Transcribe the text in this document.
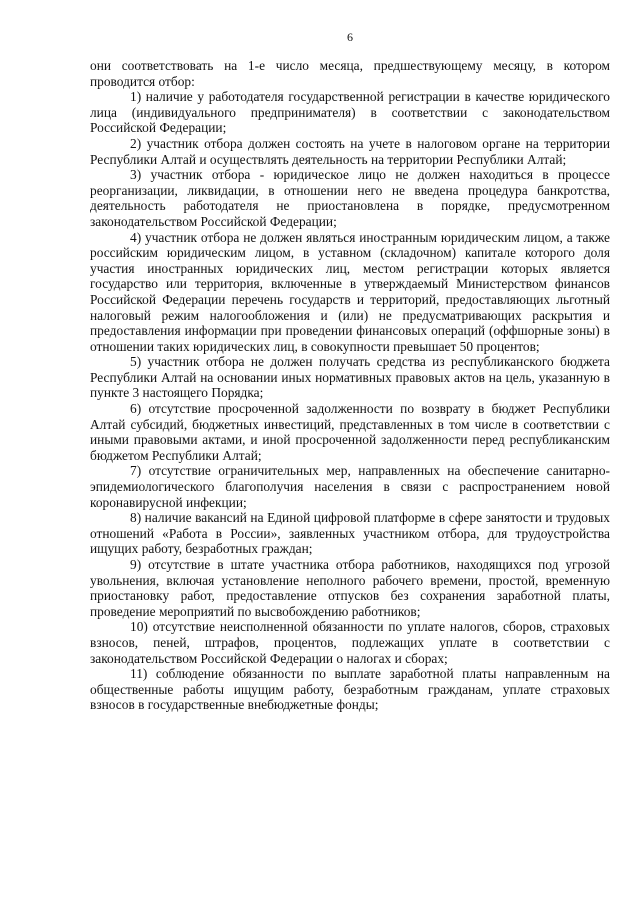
6

они соответствовать на 1-е число месяца, предшествующему месяцу, в котором проводится отбор:

1) наличие у работодателя государственной регистрации в качестве юридического лица (индивидуального предпринимателя) в соответствии с законодательством Российской Федерации;

2) участник отбора должен состоять на учете в налоговом органе на территории Республики Алтай и осуществлять деятельность на территории Республики Алтай;

3) участник отбора - юридическое лицо не должен находиться в процессе реорганизации, ликвидации, в отношении него не введена процедура банкротства, деятельность работодателя не приостановлена в порядке, предусмотренном законодательством Российской Федерации;

4) участник отбора не должен являться иностранным юридическим лицом, а также российским юридическим лицом, в уставном (складочном) капитале которого доля участия иностранных юридических лиц, местом регистрации которых является государство или территория, включенные в утверждаемый Министерством финансов Российской Федерации перечень государств и территорий, предоставляющих льготный налоговый режим налогообложения и (или) не предусматривающих раскрытия и предоставления информации при проведении финансовых операций (оффшорные зоны) в отношении таких юридических лиц, в совокупности превышает 50 процентов;

5) участник отбора не должен получать средства из республиканского бюджета Республики Алтай на основании иных нормативных правовых актов на цель, указанную в пункте 3 настоящего Порядка;

6) отсутствие просроченной задолженности по возврату в бюджет Республики Алтай субсидий, бюджетных инвестиций, представленных в том числе в соответствии с иными правовыми актами, и иной просроченной задолженности перед республиканским бюджетом Республики Алтай;

7) отсутствие ограничительных мер, направленных на обеспечение санитарно-эпидемиологического благополучия населения в связи с распространением новой коронавирусной инфекции;

8) наличие вакансий на Единой цифровой платформе в сфере занятости и трудовых отношений «Работа в России», заявленных участником отбора, для трудоустройства ищущих работу, безработных граждан;

9) отсутствие в штате участника отбора работников, находящихся под угрозой увольнения, включая установление неполного рабочего времени, простой, временную приостановку работ, предоставление отпусков без сохранения заработной платы, проведение мероприятий по высвобождению работников;

10) отсутствие неисполненной обязанности по уплате налогов, сборов, страховых взносов, пеней, штрафов, процентов, подлежащих уплате в соответствии с законодательством Российской Федерации о налогах и сборах;

11) соблюдение обязанности по выплате заработной платы направленным на общественные работы ищущим работу, безработным гражданам, уплате страховых взносов в государственные внебюджетные фонды;
